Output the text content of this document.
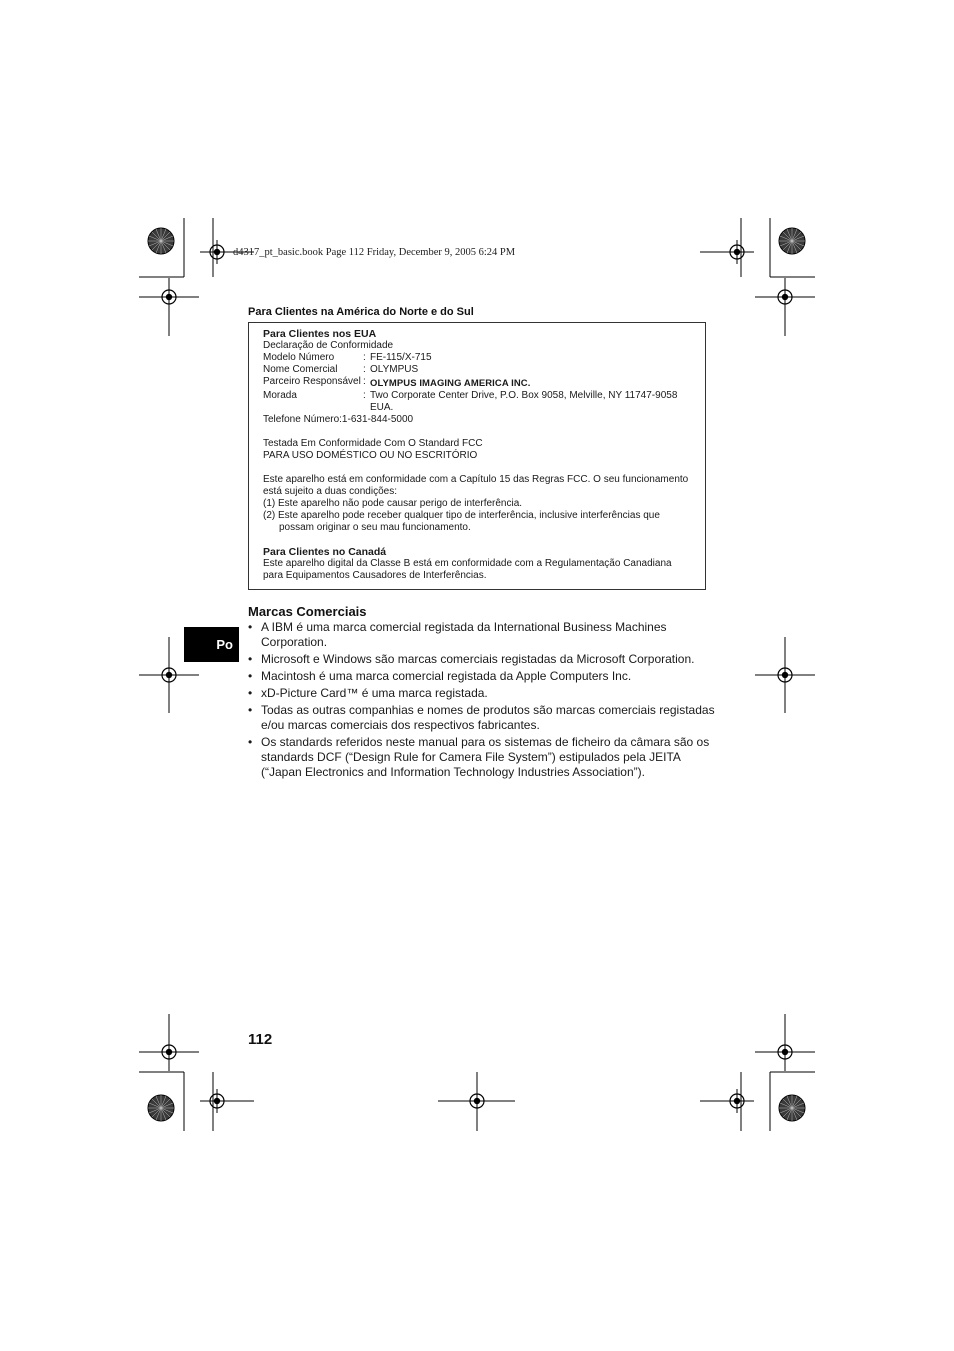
d4317_pt_basic.book Page 112 Friday, December 9, 2005 6:24 PM
Para Clientes na América do Norte e do Sul
Para Clientes nos EUA
Declaração de Conformidade
Modelo Número	: FE-115/X-715
Nome Comercial	: OLYMPUS
Parceiro Responsável : OLYMPUS IMAGING AMERICA INC.
Morada	: Two Corporate Center Drive, P.O. Box 9058, Melville, NY 11747-9058 EUA.
Telefone Número:1-631-844-5000
Testada Em Conformidade Com O Standard FCC
PARA USO DOMÉSTICO OU NO ESCRITÓRIO
Este aparelho está em conformidade com a Capítulo 15 das Regras FCC. O seu funcionamento está sujeito a duas condições:
(1) Este aparelho não pode causar perigo de interferência.
(2) Este aparelho pode receber qualquer tipo de interferência, inclusive interferências que possam originar o seu mau funcionamento.
Para Clientes no Canadá
Este aparelho digital da Classe B está em conformidade com a Regulamentação Canadiana para Equipamentos Causadores de Interferências.
Marcas Comerciais
• A IBM é uma marca comercial registada da International Business Machines Corporation.
• Microsoft e Windows são marcas comerciais registadas da Microsoft Corporation.
• Macintosh é uma marca comercial registada da Apple Computers Inc.
• xD-Picture Card™ é uma marca registada.
• Todas as outras companhias e nomes de produtos são marcas comerciais registadas e/ou marcas comerciais dos respectivos fabricantes.
• Os standards referidos neste manual para os sistemas de ficheiro da câmara são os standards DCF (“Design Rule for Camera File System”) estipulados pela JEITA (“Japan Electronics and Information Technology Industries Association”).
Po
112
